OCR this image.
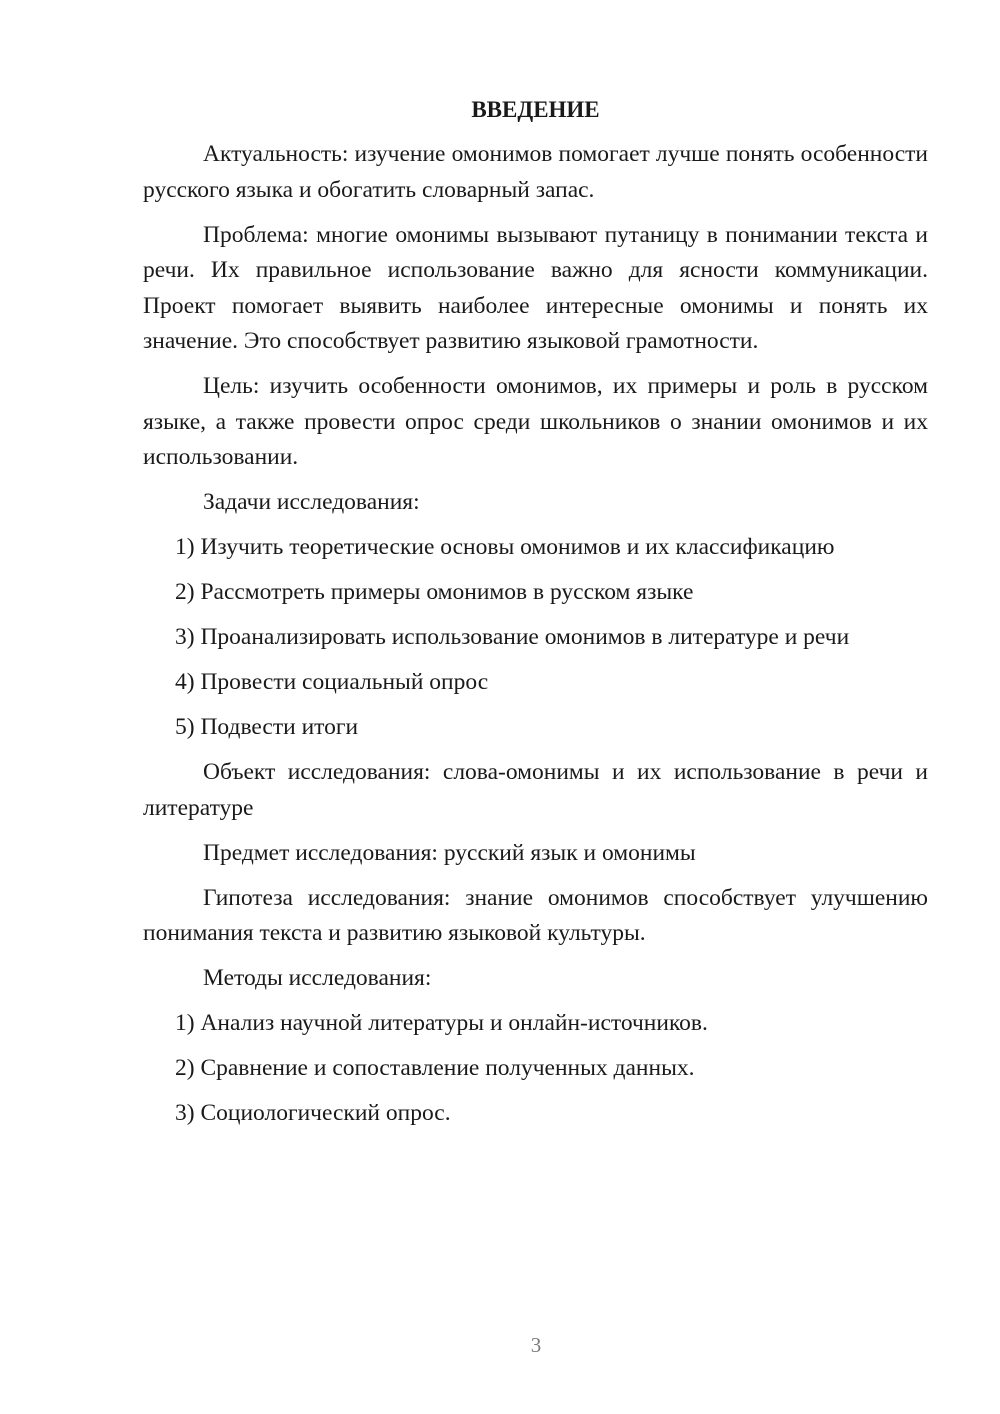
ВВЕДЕНИЕ

Актуальность: изучение омонимов помогает лучше понять особенности русского языка и обогатить словарный запас.

Проблема: многие омонимы вызывают путаницу в понимании текста и речи. Их правильное использование важно для ясности коммуникации. Проект помогает выявить наиболее интересные омонимы и понять их значение. Это способствует развитию языковой грамотности.

Цель: изучить особенности омонимов, их примеры и роль в русском языке, а также провести опрос среди школьников о знании омонимов и их использовании.

Задачи исследования:

1) Изучить теоретические основы омонимов и их классификацию
2) Рассмотреть примеры омонимов в русском языке
3) Проанализировать использование омонимов в литературе и речи
4) Провести социальный опрос
5) Подвести итоги

Объект исследования: слова-омонимы и их использование в речи и литературе

Предмет исследования: русский язык и омонимы

Гипотеза исследования: знание омонимов способствует улучшению понимания текста и развитию языковой культуры.

Методы исследования:

1) Анализ научной литературы и онлайн-источников.
2) Сравнение и сопоставление полученных данных.
3) Социологический опрос.
3
